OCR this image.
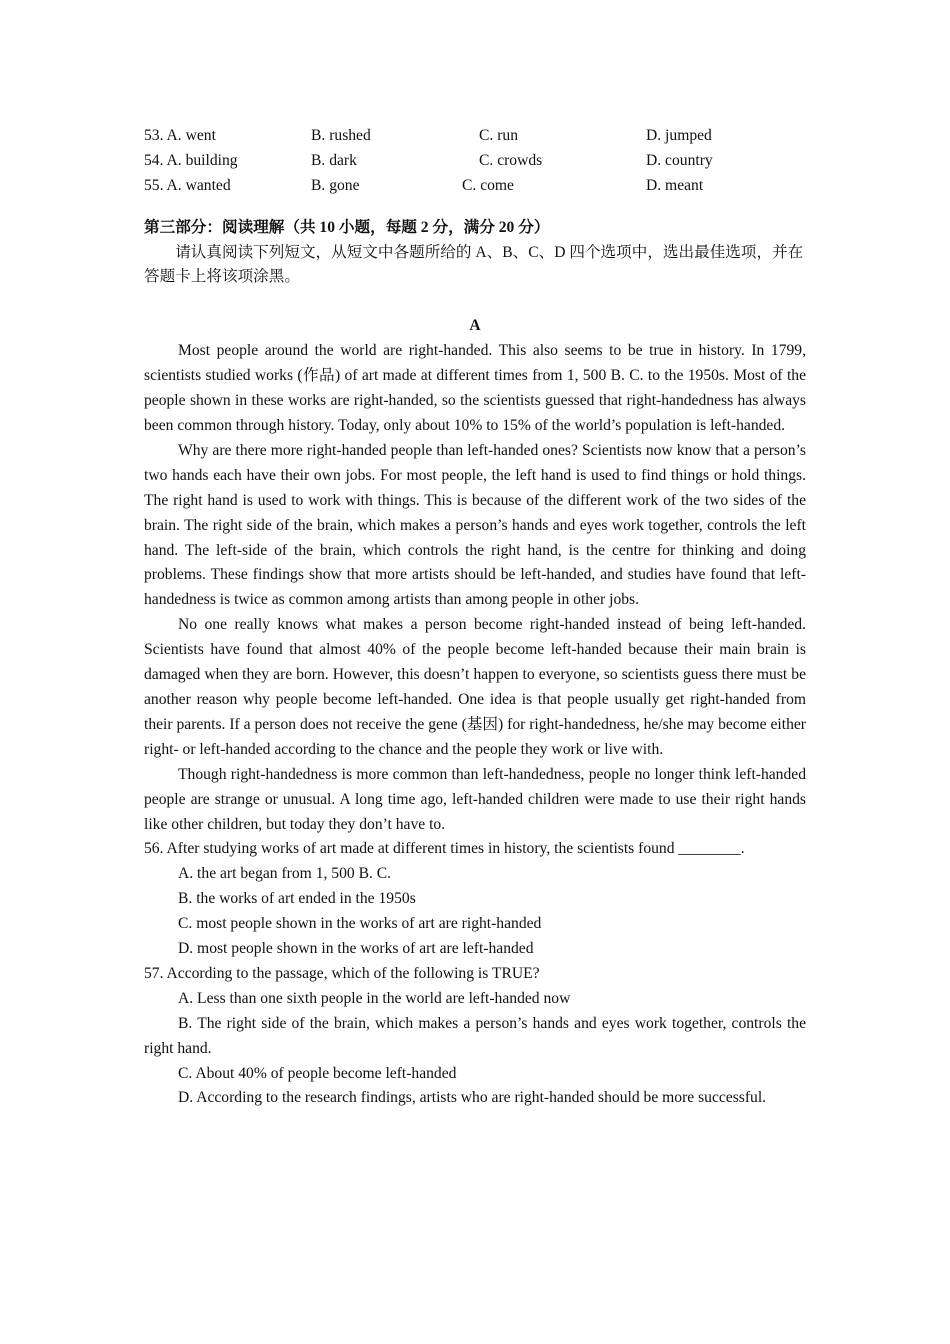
53. A. went	B. rushed	C. run	D. jumped
54. A. building	B. dark	C. crowds	D. country
55. A. wanted	B. gone	C. come	D. meant
第三部分：阅读理解（共 10 小题，每题 2 分，满分 20 分）
请认真阅读下列短文，从短文中各题所给的 A、B、C、D 四个选项中，选出最佳选项，并在答题卡上将该项涂黑。
A

Most people around the world are right-handed. This also seems to be true in history. In 1799, scientists studied works (作品) of art made at different times from 1, 500 B. C. to the 1950s. Most of the people shown in these works are right-handed, so the scientists guessed that right-handedness has always been common through history. Today, only about 10% to 15% of the world’s population is left-handed.

Why are there more right-handed people than left-handed ones? Scientists now know that a person’s two hands each have their own jobs. For most people, the left hand is used to find things or hold things. The right hand is used to work with things. This is because of the different work of the two sides of the brain. The right side of the brain, which makes a person’s hands and eyes work together, controls the left hand. The left-side of the brain, which controls the right hand, is the centre for thinking and doing problems. These findings show that more artists should be left-handed, and studies have found that left-handedness is twice as common among artists than among people in other jobs.

No one really knows what makes a person become right-handed instead of being left-handed. Scientists have found that almost 40% of the people become left-handed because their main brain is damaged when they are born. However, this doesn’t happen to everyone, so scientists guess there must be another reason why people become left-handed. One idea is that people usually get right-handed from their parents. If a person does not receive the gene (基因) for right-handedness, he/she may become either right- or left-handed according to the chance and the people they work or live with.

Though right-handedness is more common than left-handedness, people no longer think left-handed people are strange or unusual. A long time ago, left-handed children were made to use their right hands like other children, but today they don’t have to.

56. After studying works of art made at different times in history, the scientists found ________.

A. the art began from 1, 500 B. C.

B. the works of art ended in the 1950s

C. most people shown in the works of art are right-handed

D. most people shown in the works of art are left-handed

57. According to the passage, which of the following is TRUE?

A. Less than one sixth people in the world are left-handed now

B. The right side of the brain, which makes a person’s hands and eyes work together, controls the right hand.

C. About 40% of people become left-handed

D. According to the research findings, artists who are right-handed should be more successful.
